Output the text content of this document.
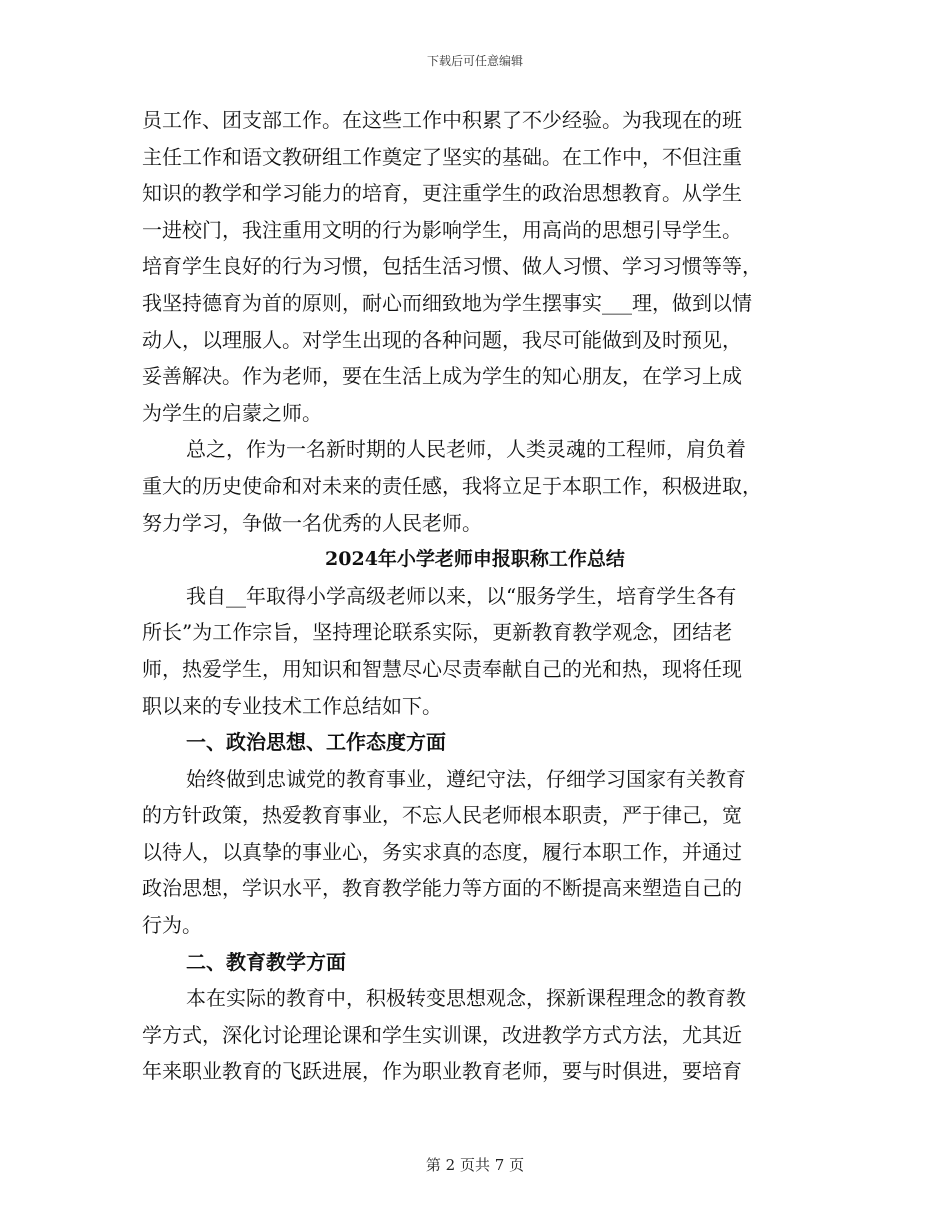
下载后可任意编辑
员工作、团支部工作。在这些工作中积累了不少经验。为我现在的班
主任工作和语文教研组工作奠定了坚实的基础。在工作中，不但注重
知识的教学和学习能力的培育，更注重学生的政治思想教育。从学生
一进校门，我注重用文明的行为影响学生，用高尚的思想引导学生。
培育学生良好的行为习惯，包括生活习惯、做人习惯、学习习惯等等，
我坚持德育为首的原则，耐心而细致地为学生摆事实___理，做到以情
动人，以理服人。对学生出现的各种问题，我尽可能做到及时预见，
妥善解决。作为老师，要在生活上成为学生的知心朋友，在学习上成
为学生的启蒙之师。
总之，作为一名新时期的人民老师，人类灵魂的工程师，肩负着
重大的历史使命和对未来的责任感，我将立足于本职工作，积极进取，
努力学习，争做一名优秀的人民老师。
2024年小学老师申报职称工作总结
我自__年取得小学高级老师以来，以“服务学生，培育学生各有
所长”为工作宗旨，坚持理论联系实际，更新教育教学观念，团结老
师，热爱学生，用知识和智慧尽心尽责奉献自己的光和热，现将任现
职以来的专业技术工作总结如下。
一、政治思想、工作态度方面
始终做到忠诚党的教育事业，遵纪守法，仔细学习国家有关教育
的方针政策，热爱教育事业，不忘人民老师根本职责，严于律己，宽
以待人，以真挚的事业心，务实求真的态度，履行本职工作，并通过
政治思想，学识水平，教育教学能力等方面的不断提高来塑造自己的
行为。
二、教育教学方面
本在实际的教育中，积极转变思想观念，探新课程理念的教育教
学方式，深化讨论理论课和学生实训课，改进教学方式方法，尤其近
年来职业教育的飞跃进展，作为职业教育老师，要与时俱进，要培育
第 2 页共 7 页
